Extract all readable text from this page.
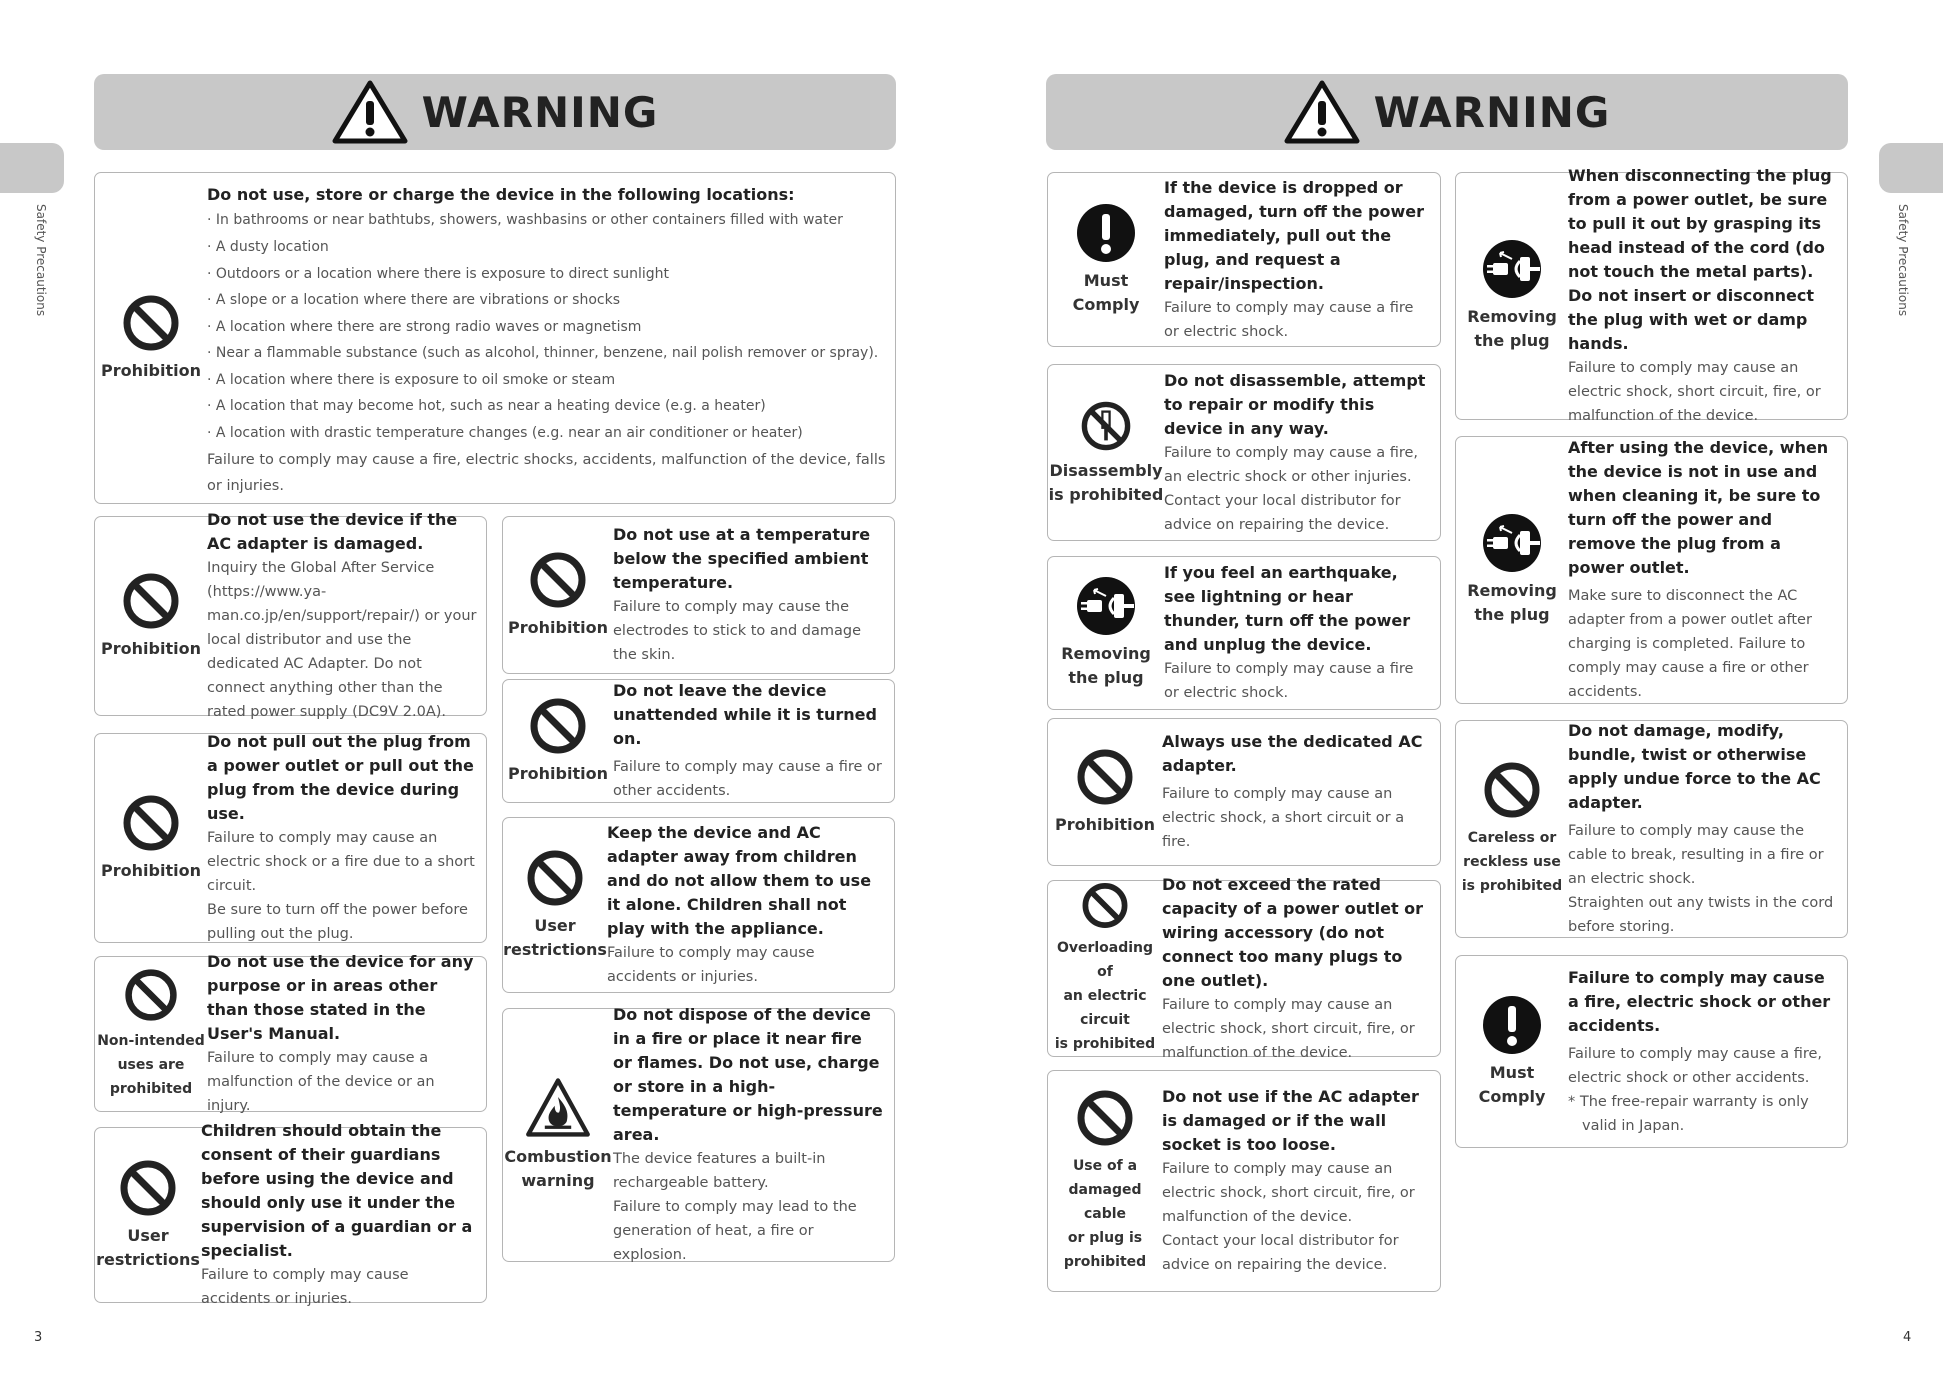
Safety Precautions	Safety Precautions
WARNING	WARNING
Prohibition
Do not use, store or charge the device in the following locations:
· In bathrooms or near bathtubs, showers, washbasins or other containers filled with water
· A dusty location
· Outdoors or a location where there is exposure to direct sunlight
· A slope or a location where there are vibrations or shocks
· A location where there are strong radio waves or magnetism
· Near a flammable substance (such as alcohol, thinner, benzene, nail polish remover or spray).
· A location where there is exposure to oil smoke or steam
· A location that may become hot, such as near a heating device (e.g. a heater)
· A location with drastic temperature changes (e.g. near an air conditioner or heater)
Failure to comply may cause a fire, electric shocks, accidents, malfunction of the device, falls or injuries.
Prohibition
Do not use the device if the AC adapter is damaged.
Inquiry the Global After Service (https://www.ya-man.co.jp/en/support/repair/) or your local distributor and use the dedicated AC Adapter. Do not connect anything other than the rated power supply (DC9V 2.0A).
Prohibition
Do not pull out the plug from a power outlet or pull out the plug from the device during use.
Failure to comply may cause an electric shock or a fire due to a short circuit.
Be sure to turn off the power before pulling out the plug.
Non-intended
uses are
prohibited
Do not use the device for any purpose or in areas other than those stated in the User's Manual.
Failure to comply may cause a malfunction of the device or an injury.
User
restrictions
Children should obtain the consent of their guardians before using the device and should only use it under the supervision of a guardian or a specialist.
Failure to comply may cause accidents or injuries.
Prohibition
Do not use at a temperature below the specified ambient temperature.
Failure to comply may cause the electrodes to stick to and damage the skin.
Prohibition
Do not leave the device unattended while it is turned on.
Failure to comply may cause a fire or other accidents.
User
restrictions
Keep the device and AC adapter away from children and do not allow them to use it alone. Children shall not play with the appliance.
Failure to comply may cause accidents or injuries.
Combustion
warning
Do not dispose of the device in a fire or place it near fire or flames. Do not use, charge or store in a high-temperature or high-pressure area.
The device features a built-in rechargeable battery.
Failure to comply may lead to the generation of heat, a fire or explosion.
Must Comply
If the device is dropped or damaged, turn off the power immediately, pull out the plug, and request a repair/inspection.
Failure to comply may cause a fire or electric shock.
Disassembly
is prohibited
Do not disassemble, attempt to repair or modify this device in any way.
Failure to comply may cause a fire, an electric shock or other injuries.
Contact your local distributor for advice on repairing the device.
Removing
the plug
If you feel an earthquake, see lightning or hear thunder, turn off the power and unplug the device.
Failure to comply may cause a fire or electric shock.
Prohibition
Always use the dedicated AC adapter.
Failure to comply may cause an electric shock, a short circuit or a fire.
Overloading of
an electric circuit
is prohibited
Do not exceed the rated capacity of a power outlet or wiring accessory (do not connect too many plugs to one outlet).
Failure to comply may cause an electric shock, short circuit, fire, or malfunction of the device.
Use of a
damaged cable
or plug is
prohibited
Do not use if the AC adapter is damaged or if the wall socket is too loose.
Failure to comply may cause an electric shock, short circuit, fire, or malfunction of the device.
Contact your local distributor for advice on repairing the device.
Removing
the plug
When disconnecting the plug from a power outlet, be sure to pull it out by grasping its head instead of the cord (do not touch the metal parts). Do not insert or disconnect the plug with wet or damp hands.
Failure to comply may cause an electric shock, short circuit, fire, or malfunction of the device.
Removing
the plug
After using the device, when the device is not in use and when cleaning it, be sure to turn off the power and remove the plug from a power outlet.
Make sure to disconnect the AC adapter from a power outlet after charging is completed. Failure to comply may cause a fire or other accidents.
Careless or
reckless use
is prohibited
Do not damage, modify, bundle, twist or otherwise apply undue force to the AC adapter.
Failure to comply may cause the cable to break, resulting in a fire or an electric shock.
Straighten out any twists in the cord before storing.
Must Comply
Failure to comply may cause a fire, electric shock or other accidents.
Failure to comply may cause a fire, electric shock or other accidents.
* The free-repair warranty is only valid in Japan.
3	4
